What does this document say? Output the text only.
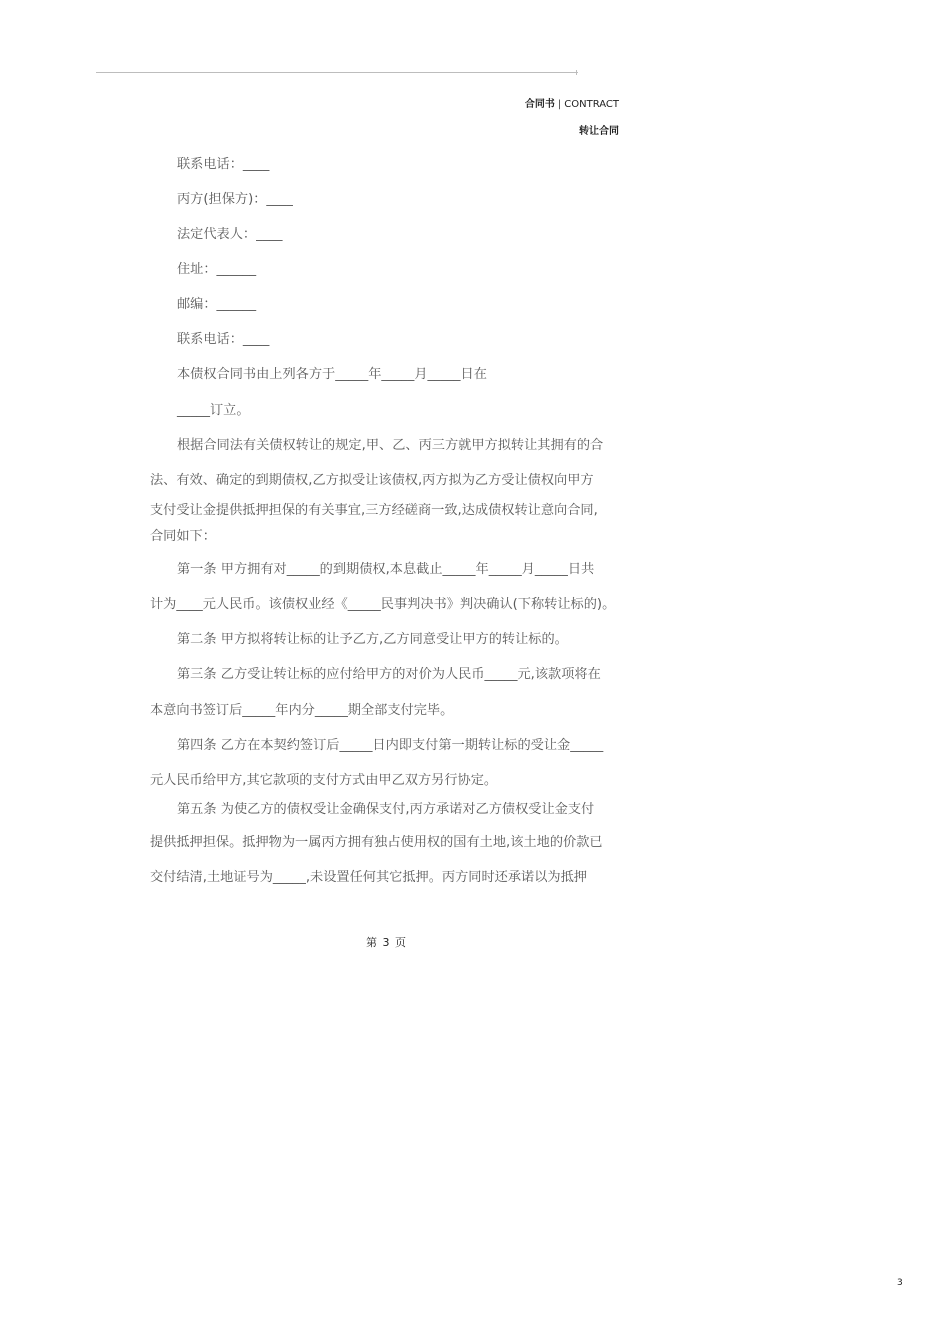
合同书 | CONTRACT
转让合同
联系电话：____
丙方(担保方)：____
法定代表人：____
住址：______
邮编：______
联系电话：____
本债权合同书由上列各方于_____年_____月_____日在
_____订立。
根据合同法有关债权转让的规定,甲、乙、丙三方就甲方拟转让其拥有的合
法、有效、确定的到期债权,乙方拟受让该债权,丙方拟为乙方受让债权向甲方
支付受让金提供抵押担保的有关事宜,三方经磋商一致,达成债权转让意向合同,
合同如下：
第一条 甲方拥有对_____的到期债权,本息截止_____年_____月_____日共
计为____元人民币。该债权业经《_____民事判决书》判决确认(下称转让标的)。
第二条 甲方拟将转让标的让予乙方,乙方同意受让甲方的转让标的。
第三条 乙方受让转让标的应付给甲方的对价为人民币_____元,该款项将在
本意向书签订后_____年内分_____期全部支付完毕。
第四条 乙方在本契约签订后_____日内即支付第一期转让标的受让金_____
元人民币给甲方,其它款项的支付方式由甲乙双方另行协定。
第五条 为使乙方的债权受让金确保支付,丙方承诺对乙方债权受让金支付
提供抵押担保。抵押物为一属丙方拥有独占使用权的国有土地,该土地的价款已
交付结清,土地证号为_____,未设置任何其它抵押。丙方同时还承诺以为抵押
第 3 页
3
